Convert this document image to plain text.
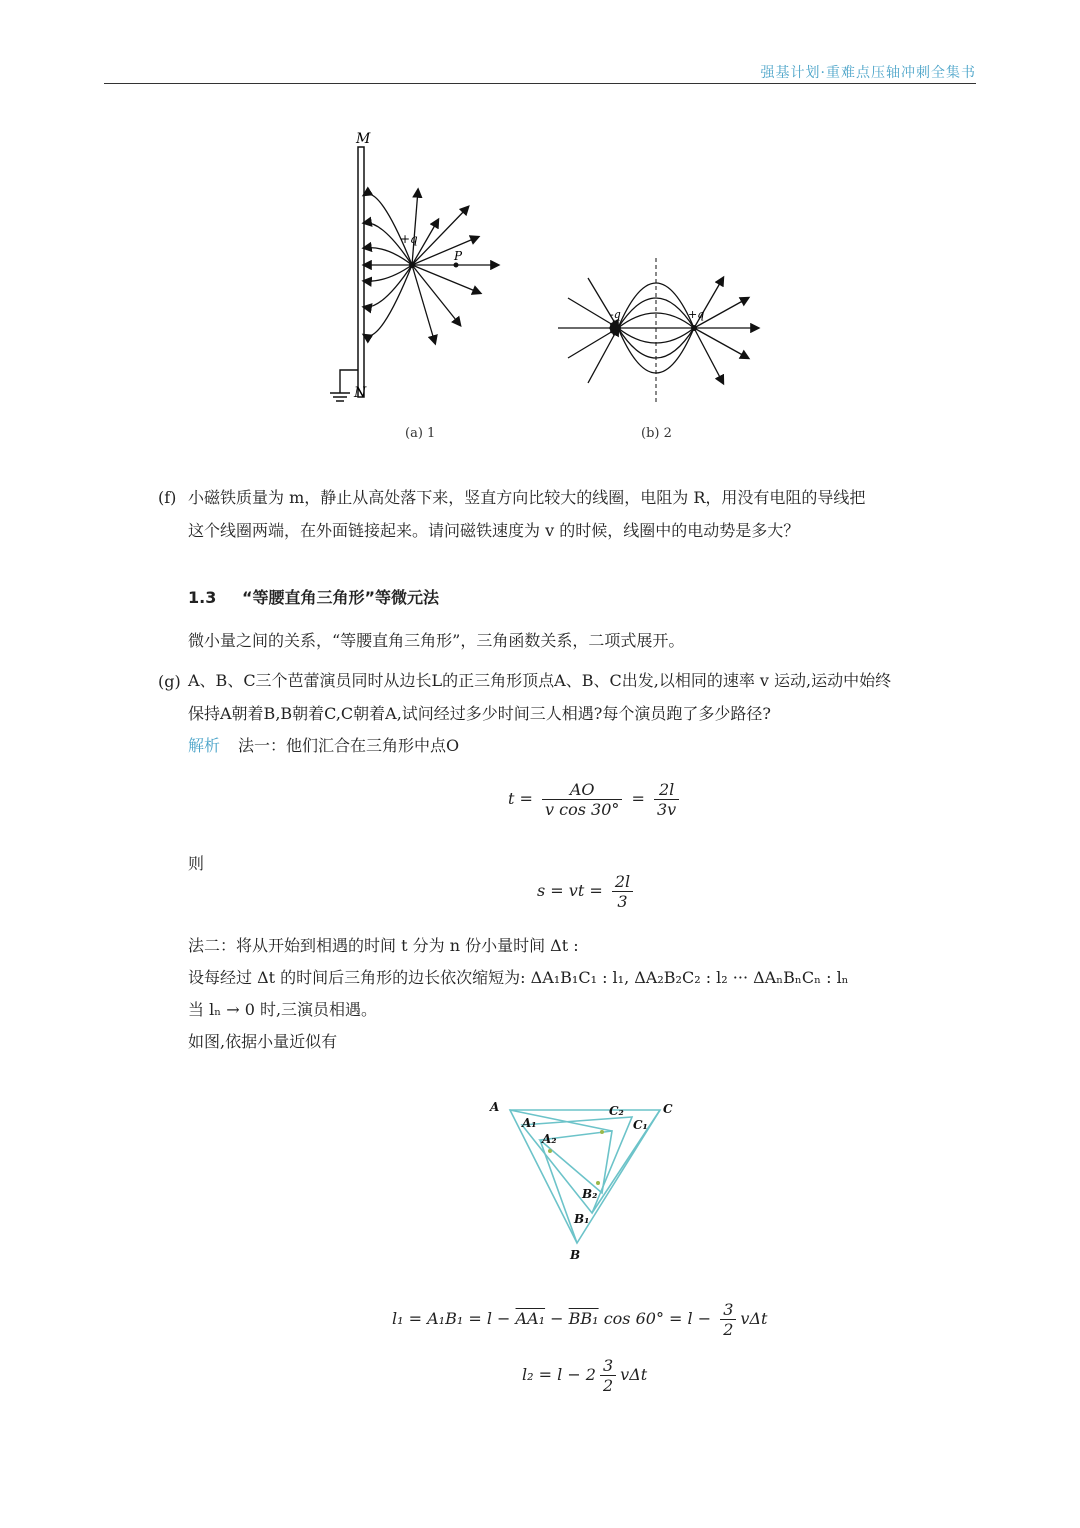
强基计划·重难点压轴冲刺全集书
M
N
+q
P
(a) 1
-q	+q
(b) 2
(f) 小磁铁质量为 m，静止从高处落下来，竖直方向比较大的线圈，电阻为 R，用没有电阻的导线把
这个线圈两端，在外面链接起来。请问磁铁速度为 v 的时候，线圈中的电动势是多大？
1.3 “等腰直角三角形”等微元法
微小量之间的关系，“等腰直角三角形”，三角函数关系，二项式展开。
(g) A、B、C三个芭蕾演员同时从边长L的正三角形顶点A、B、C出发,以相同的速率 v 运动,运动中始终
保持A朝着B,B朝着C,C朝着A,试问经过多少时间三人相遇?每个演员跑了多少路径?
解析 法一：他们汇合在三角形中点O
$t = \frac{AO}{\text{v cos 30°}} = \frac{2l}{3v}$
则
s = vt = $\frac{2l}{3}$
法二：将从开始到相遇的时间 t 分为 n 份小量时间 Δt :
设每经过 Δt 的时间后三角形的边长依次缩短为: ΔA₁B₁C₁ : l₁, ΔA₂B₂C₂ : l₂ ··· ΔAₙBₙCₙ : lₙ
当 lₙ → 0 时,三演员相遇。
如图,依据小量近似有
A	C
B
A₁
A₂
C₂
C₁
B₂
B₁
l₁ = A₁B₁ = l − AA₁ − BB₁ $\cos 60^\circ = l - \frac{3}{2}$ vΔt
$l_2 = l - 2 \frac{3}{2}$ vΔt
